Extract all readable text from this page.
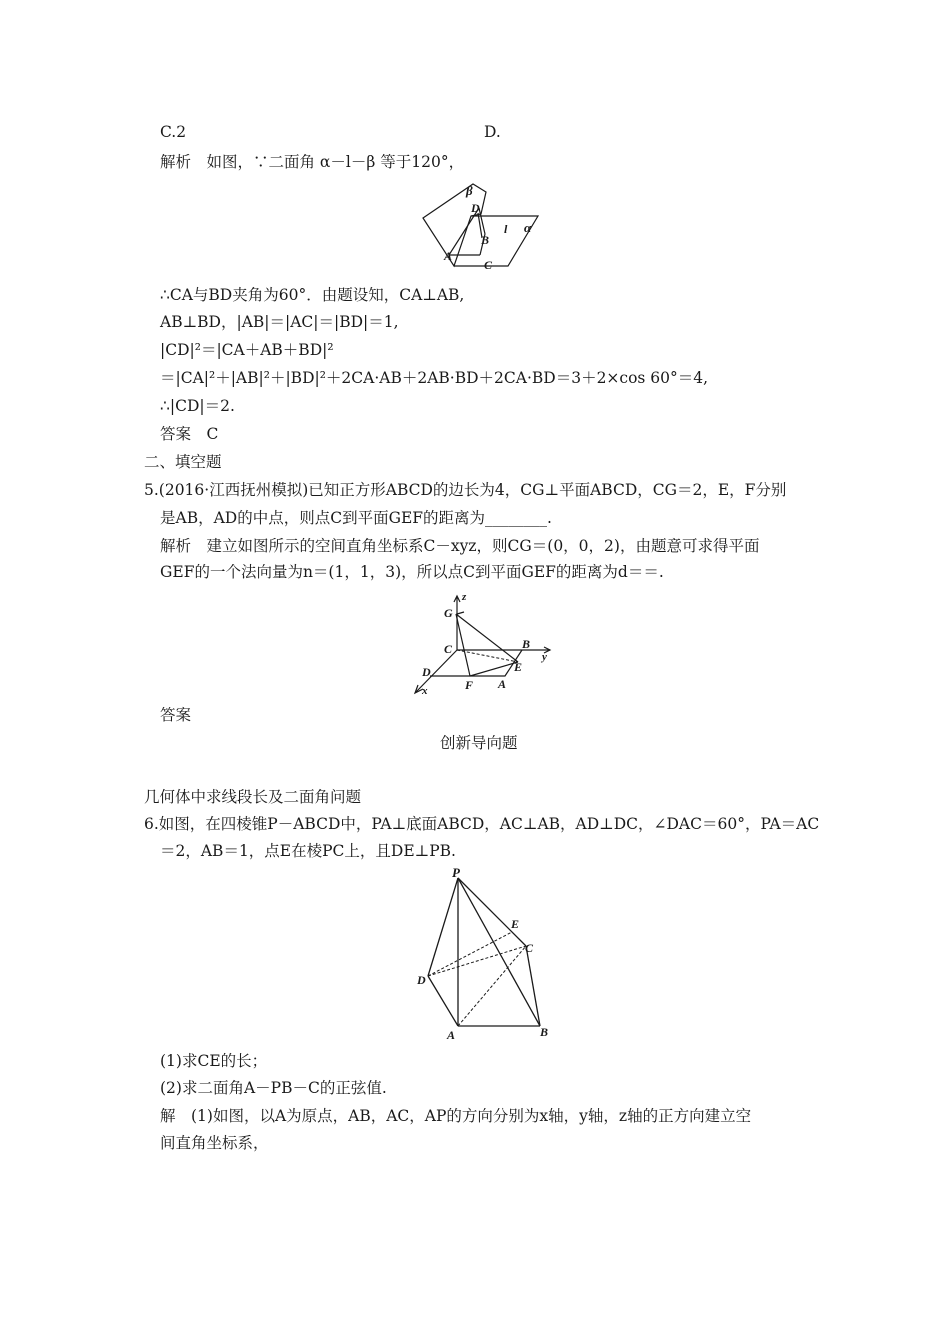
C.2	D.
解析　如图，∵二面角 α－l－β 等于120°，
β
D
l α
B
A
C
∴CA与BD夹角为60°．由题设知，CA⊥AB,
AB⊥BD，|AB|＝|AC|＝|BD|＝1,
|CD|²＝|CA＋AB＋BD|²
＝|CA|²＋|AB|²＋|BD|²＋2CA·AB＋2AB·BD＋2CA·BD＝3＋2×cos 60°＝4,
∴|CD|＝2.
答案　C
二、填空题
5.(2016·江西抚州模拟)已知正方形ABCD的边长为4，CG⊥平面ABCD，CG＝2，E，F分别
是AB，AD的中点，则点C到平面GEF的距离为________.
解析　建立如图所示的空间直角坐标系C－xyz，则CG＝(0，0，2)，由题意可求得平面
GEF的一个法向量为n＝(1，1，3)，所以点C到平面GEF的距离为d＝＝.
z
G
C	B
y
E
D
F A
x
答案
创新导向题
几何体中求线段长及二面角问题
6.如图，在四棱锥P－ABCD中，PA⊥底面ABCD，AC⊥AB，AD⊥DC，∠DAC＝60°，PA＝AC
＝2，AB＝1，点E在棱PC上，且DE⊥PB.
P
E
C
D
A	B
(1)求CE的长；
(2)求二面角A－PB－C的正弦值.
解　(1)如图，以A为原点，AB，AC，AP的方向分别为x轴，y轴，z轴的正方向建立空
间直角坐标系，
